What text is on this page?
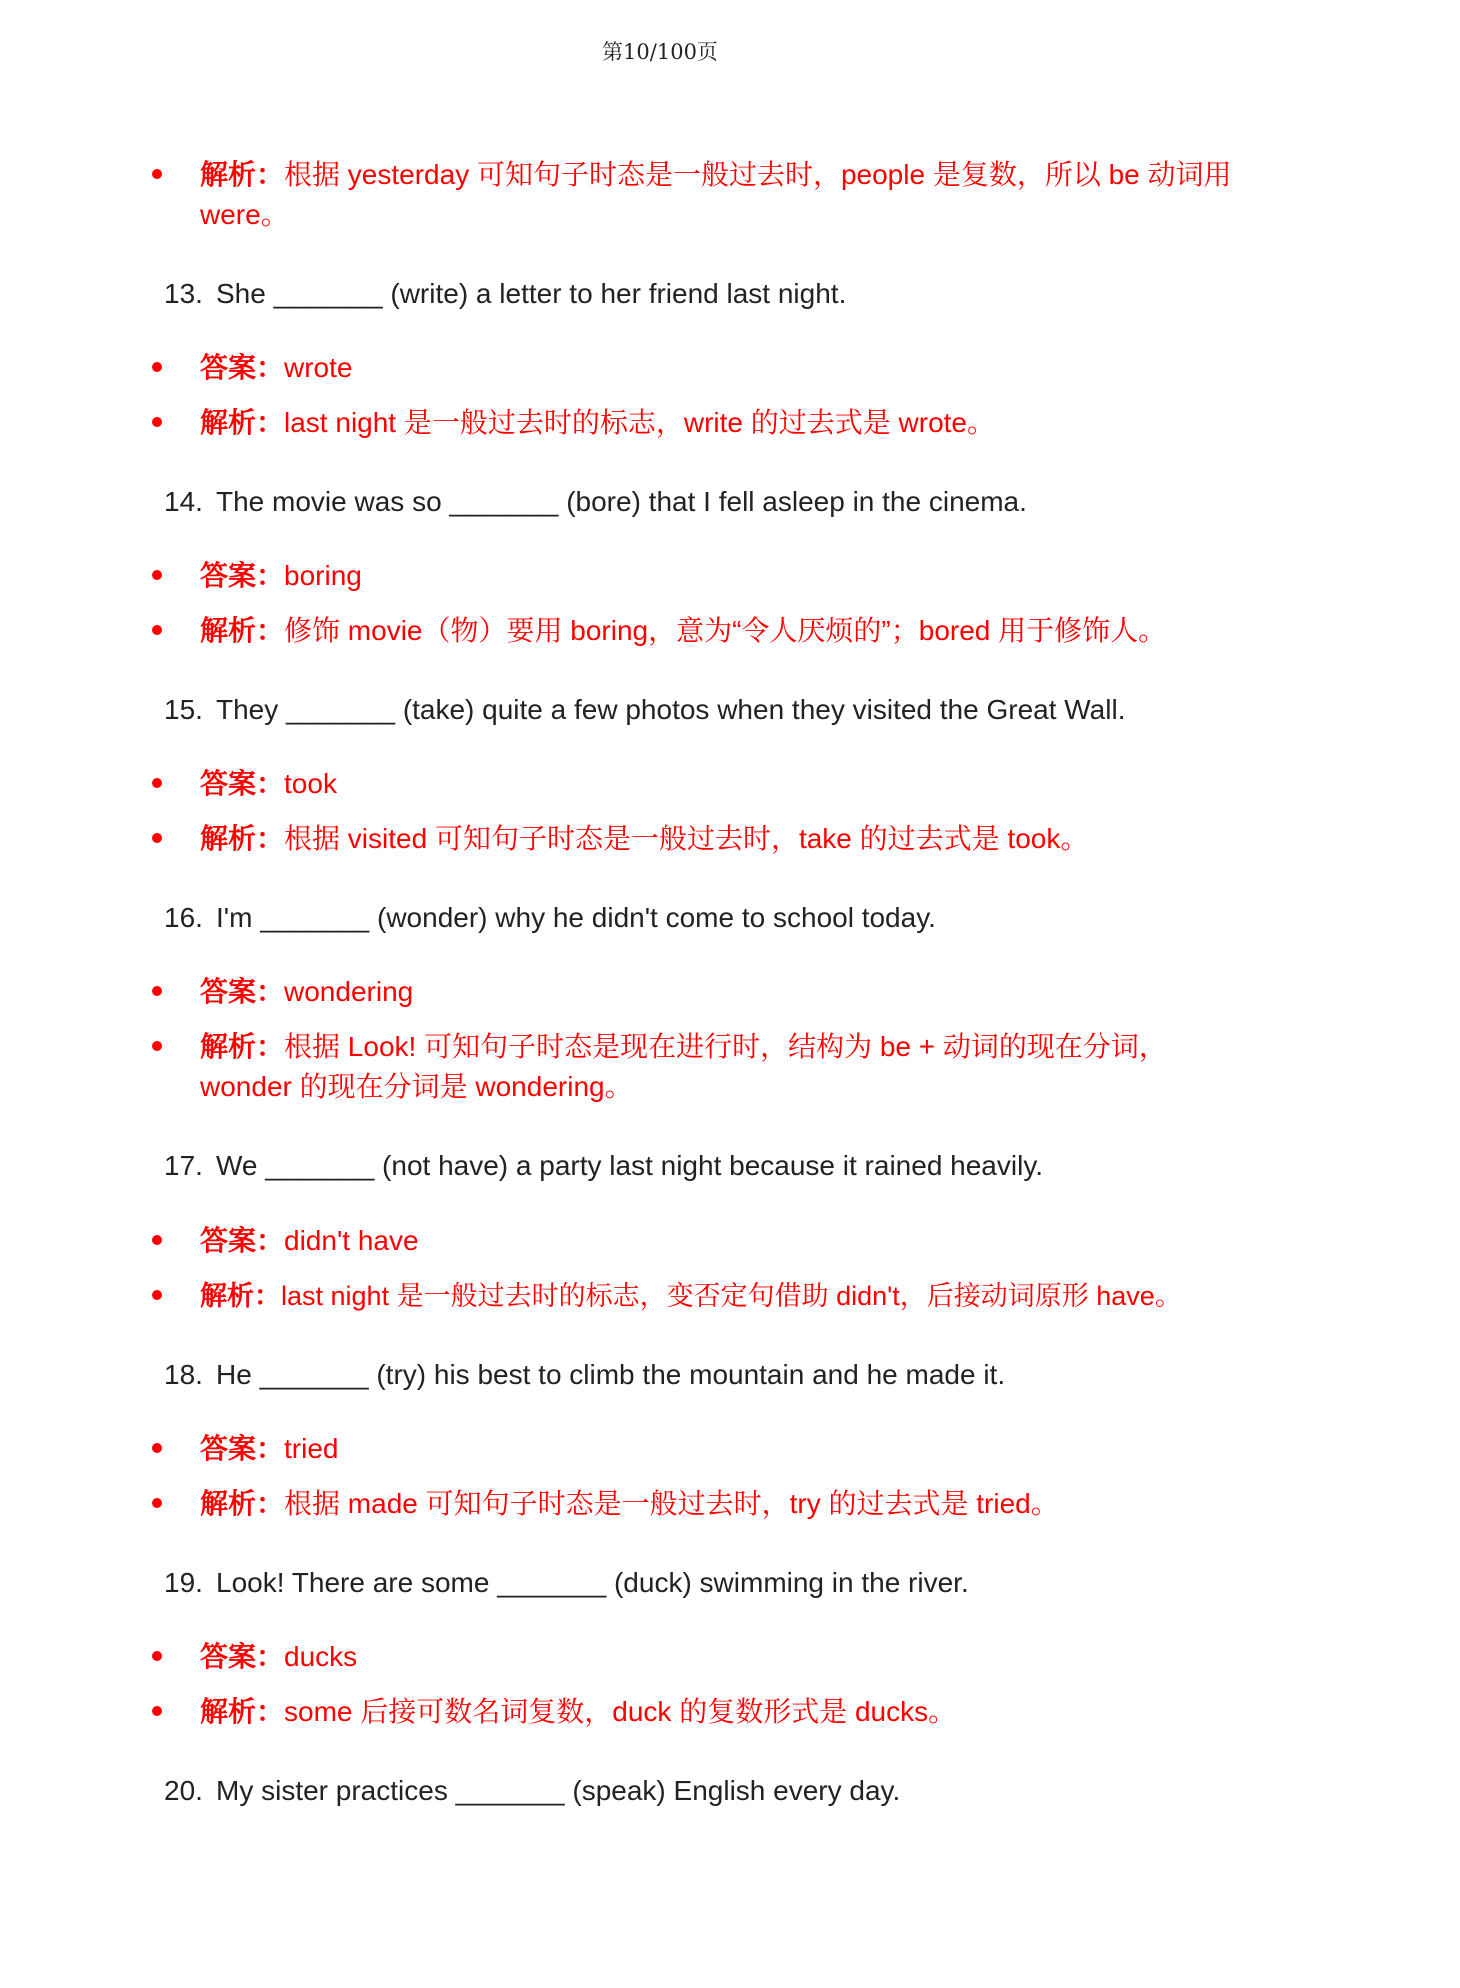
第10/100页
解析：根据 yesterday 可知句子时态是一般过去时，people 是复数，所以 be 动词用 were。
13. She _______ (write) a letter to her friend last night.
答案：wrote
解析：last night 是一般过去时的标志，write 的过去式是 wrote。
14. The movie was so _______ (bore) that I fell asleep in the cinema.
答案：boring
解析：修饰 movie（物）要用 boring，意为“令人厌烦的”；bored 用于修饰人。
15. They _______ (take) quite a few photos when they visited the Great Wall.
答案：took
解析：根据 visited 可知句子时态是一般过去时，take 的过去式是 took。
16. I'm _______ (wonder) why he didn't come to school today.
答案：wondering
解析：根据 Look! 可知句子时态是现在进行时，结构为 be + 动词的现在分词，wonder 的现在分词是 wondering。
17. We _______ (not have) a party last night because it rained heavily.
答案：didn't have
解析：last night 是一般过去时的标志，变否定句借助 didn't，后接动词原形 have。
18. He _______ (try) his best to climb the mountain and he made it.
答案：tried
解析：根据 made 可知句子时态是一般过去时，try 的过去式是 tried。
19. Look! There are some _______ (duck) swimming in the river.
答案：ducks
解析：some 后接可数名词复数，duck 的复数形式是 ducks。
20. My sister practices _______ (speak) English every day.
